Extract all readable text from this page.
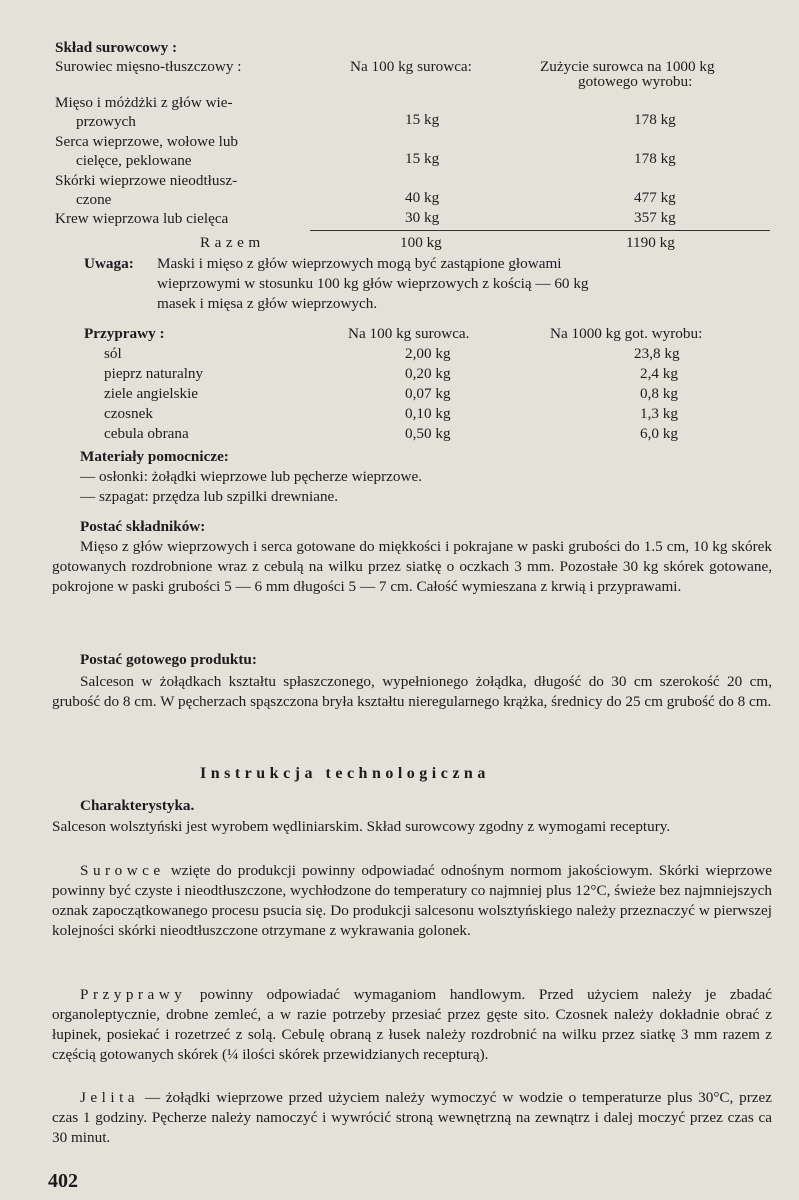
Skład surowcowy :
Surowiec mięsno-tłuszczowy :	Na 100 kg surowca:	Zużycie surowca na 1000 kg
gotowego wyrobu:
Mięso i móżdżki z głów wie-
przowych	15 kg	178 kg
Serca wieprzowe, wołowe lub
cielęce, peklowane	15 kg	178 kg
Skórki wieprzowe nieodtłusz-
czone	40 kg	477 kg
Krew wieprzowa lub cielęca	30 kg	357 kg
Razem	100 kg	1190 kg
Uwaga: Maski i mięso z głów wieprzowych mogą być zastąpione głowami
wieprzowymi w stosunku 100 kg głów wieprzowych z kością — 60 kg
masek i mięsa z głów wieprzowych.
Przyprawy :	Na 100 kg surowca.	Na 1000 kg got. wyrobu:
sól	2,00 kg	23,8 kg
pieprz naturalny	0,20 kg	2,4 kg
ziele angielskie	0,07 kg	0,8 kg
czosnek	0,10 kg	1,3 kg
cebula obrana	0,50 kg	6,0 kg
Materiały pomocnicze:
— osłonki: żołądki wieprzowe lub pęcherze wieprzowe.
— szpagat: przędza lub szpilki drewniane.
Postać składników:

Mięso z głów wieprzowych i serca gotowane do miękkości i pokrajane w paski grubości do 1.5 cm, 10 kg skórek gotowanych rozdrobnione wraz z cebulą na wilku przez siatkę o oczkach 3 mm. Pozostałe 30 kg skórek gotowane, pokrojone w paski grubości 5 — 6 mm długości 5 — 7 cm. Całość wymieszana z krwią i przyprawami.

Postać gotowego produktu:

Salceson w żołądkach kształtu spłaszczonego, wypełnionego żołądka, długość do 30 cm szerokość 20 cm, grubość do 8 cm. W pęcherzach spąszczona bryła kształtu nieregularnego krążka, średnicy do 25 cm grubość do 8 cm.

Instrukcja technologiczna
Charakterystyka.

Salceson wolsztyński jest wyrobem wędliniarskim. Skład surowcowy zgodny z wymogami receptury.

Surowce wzięte do produkcji powinny odpowiadać odnośnym normom jakościowym. Skórki wieprzowe powinny być czyste i nieodtłuszczone, wychłodzone do temperatury co najmniej plus 12°C, świeże bez najmniejszych oznak zapoczątkowanego procesu psucia się. Do produkcji salcesonu wolsztyńskiego należy przeznaczyć w pierwszej kolejności skórki nieodtłuszczone otrzymane z wykrawania golonek.

Przyprawy powinny odpowiadać wymaganiom handlowym. Przed użyciem należy je zbadać organoleptycznie, drobne zemleć, a w razie potrzeby przesiać przez gęste sito. Czosnek należy dokładnie obrać z łupinek, posiekać i rozetrzeć z solą. Cebulę obraną z łusek należy rozdrobnić na wilku przez siatkę 3 mm razem z częścią gotowanych skórek (¼ ilości skórek przewidzianych recepturą).

Jelita — żołądki wieprzowe przed użyciem należy wymoczyć w wodzie o temperaturze plus 30°C, przez czas 1 godziny. Pęcherze należy namoczyć i wywrócić stroną wewnętrzną na zewnątrz i dalej moczyć przez czas ca 30 minut.

402
